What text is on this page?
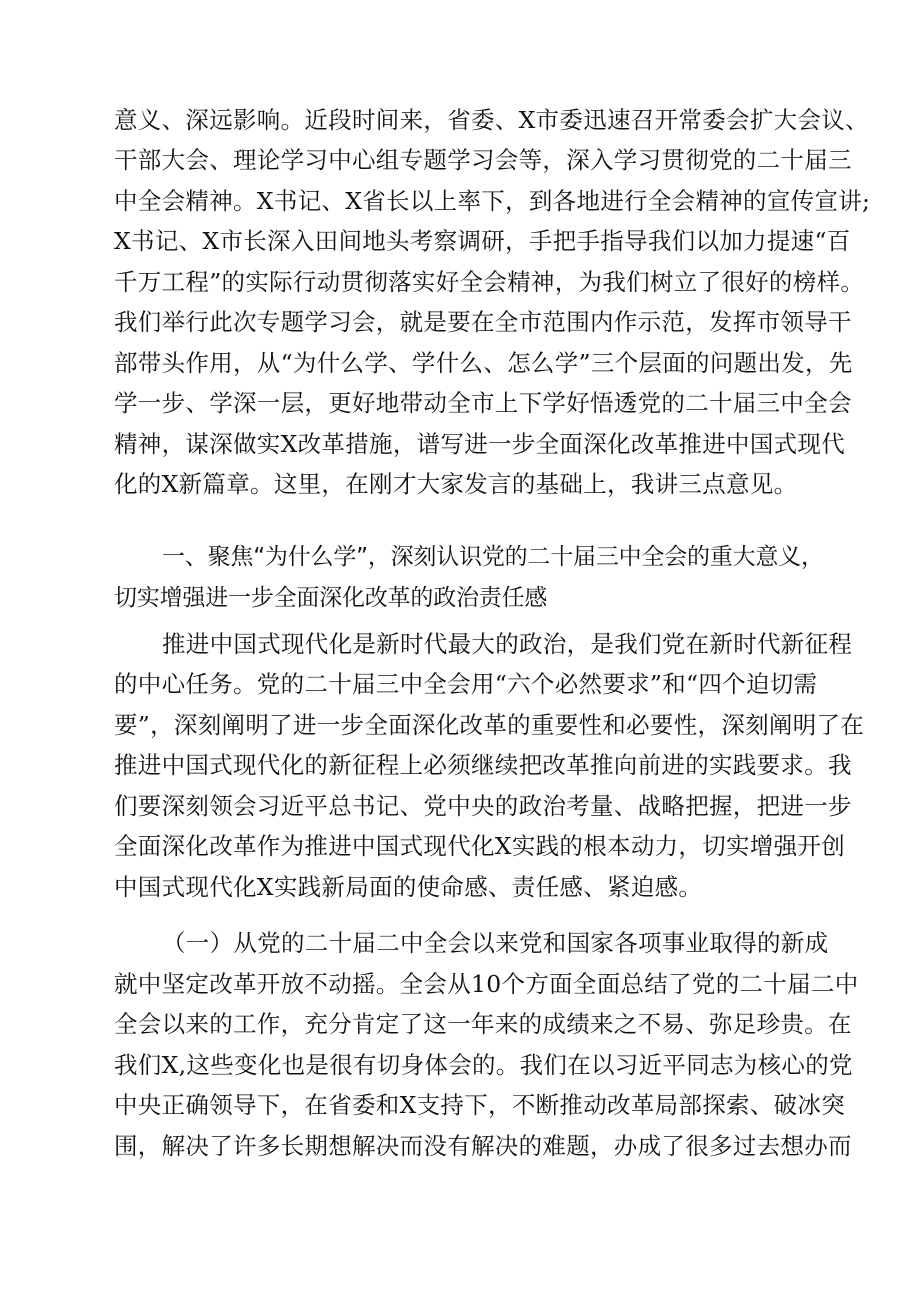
意义、深远影响。近段时间来，省委、X市委迅速召开常委会扩大会议、
干部大会、理论学习中心组专题学习会等，深入学习贯彻党的二十届三
中全会精神。X书记、X省长以上率下，到各地进行全会精神的宣传宣讲;
X书记、X市长深入田间地头考察调研，手把手指导我们以加力提速“百
千万工程”的实际行动贯彻落实好全会精神，为我们树立了很好的榜样。
我们举行此次专题学习会，就是要在全市范围内作示范，发挥市领导干
部带头作用，从“为什么学、学什么、怎么学”三个层面的问题出发，先
学一步、学深一层，更好地带动全市上下学好悟透党的二十届三中全会
精神，谋深做实X改革措施，谱写进一步全面深化改革推进中国式现代
化的X新篇章。这里，在刚才大家发言的基础上，我讲三点意见。
一、聚焦“为什么学”，深刻认识党的二十届三中全会的重大意义，
切实增强进一步全面深化改革的政治责任感
推进中国式现代化是新时代最大的政治，是我们党在新时代新征程
的中心任务。党的二十届三中全会用“六个必然要求”和“四个迫切需
要”，深刻阐明了进一步全面深化改革的重要性和必要性，深刻阐明了在
推进中国式现代化的新征程上必须继续把改革推向前进的实践要求。我
们要深刻领会习近平总书记、党中央的政治考量、战略把握，把进一步
全面深化改革作为推进中国式现代化X实践的根本动力，切实增强开创
中国式现代化X实践新局面的使命感、责任感、紧迫感。
（一）从党的二十届二中全会以来党和国家各项事业取得的新成
就中坚定改革开放不动摇。全会从10个方面全面总结了党的二十届二中
全会以来的工作，充分肯定了这一年来的成绩来之不易、弥足珍贵。在
我们X,这些变化也是很有切身体会的。我们在以习近平同志为核心的党
中央正确领导下，在省委和X支持下，不断推动改革局部探索、破冰突
围，解决了许多长期想解决而没有解决的难题，办成了很多过去想办而
